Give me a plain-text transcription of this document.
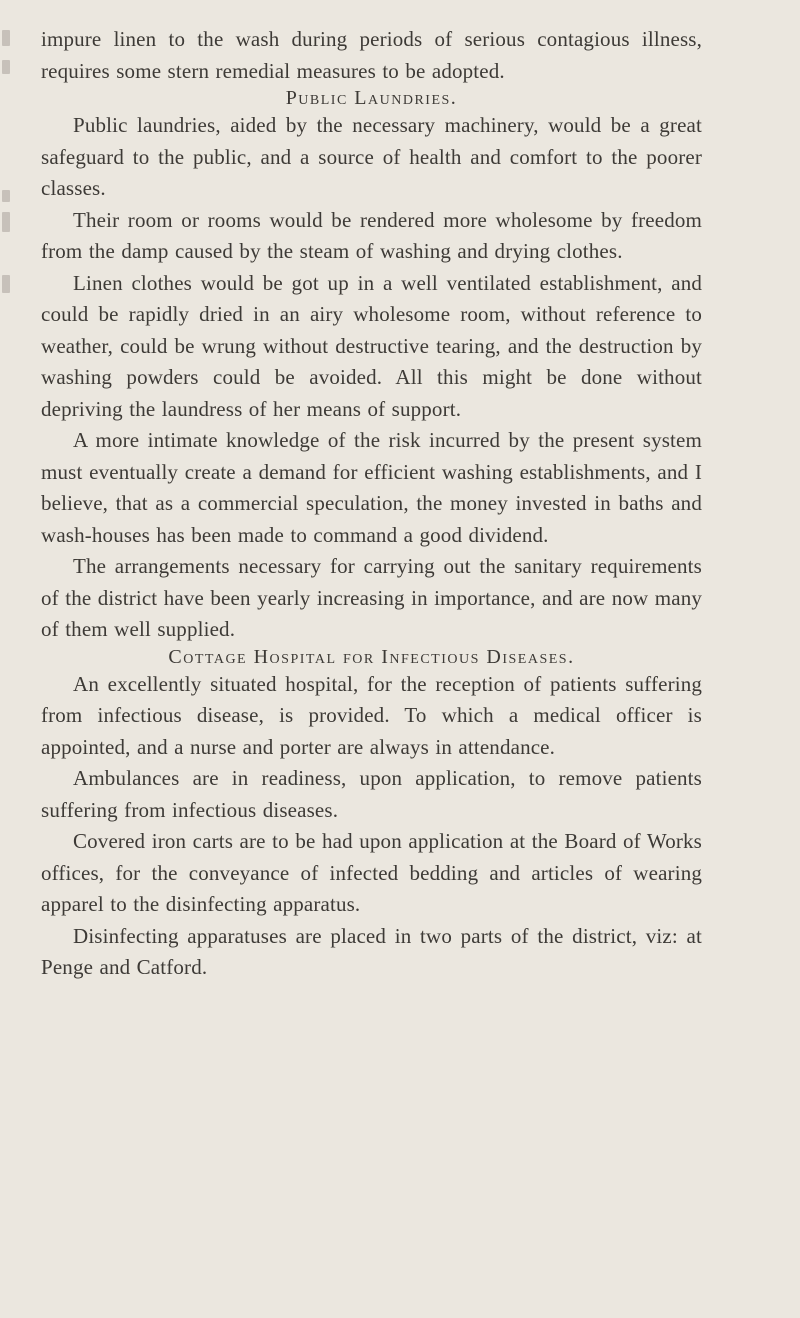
impure linen to the wash during periods of serious contagious illness, requires some stern remedial measures to be adopted.

Public Laundries.

Public laundries, aided by the necessary machinery, would be a great safeguard to the public, and a source of health and comfort to the poorer classes.

Their room or rooms would be rendered more wholesome by freedom from the damp caused by the steam of washing and drying clothes.

Linen clothes would be got up in a well ventilated establishment, and could be rapidly dried in an airy wholesome room, without reference to weather, could be wrung without destructive tearing, and the destruction by washing powders could be avoided. All this might be done without depriving the laundress of her means of support.

A more intimate knowledge of the risk incurred by the present system must eventually create a demand for efficient washing establishments, and I believe, that as a commercial speculation, the money invested in baths and wash-houses has been made to command a good dividend.

The arrangements necessary for carrying out the sanitary requirements of the district have been yearly increasing in importance, and are now many of them well supplied.

Cottage Hospital for Infectious Diseases.

An excellently situated hospital, for the reception of patients suffering from infectious disease, is provided. To which a medical officer is appointed, and a nurse and porter are always in attendance.

Ambulances are in readiness, upon application, to remove patients suffering from infectious diseases.

Covered iron carts are to be had upon application at the Board of Works offices, for the conveyance of infected bedding and articles of wearing apparel to the disinfecting apparatus.

Disinfecting apparatuses are placed in two parts of the district, viz: at Penge and Catford.
